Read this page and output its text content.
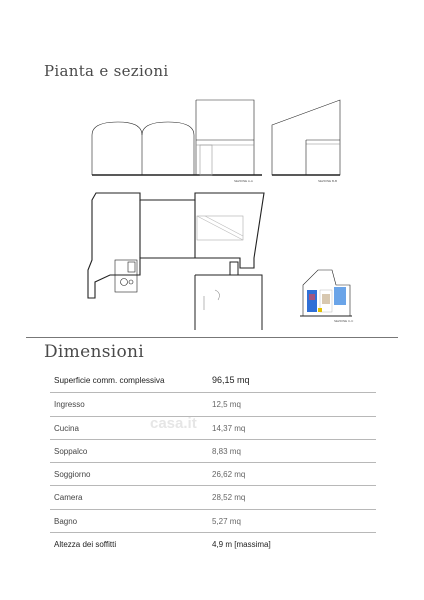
Pianta e sezioni
SEZIONE A-A	SEZIONE B-B
SEZIONE C-C
Dimensioni
Superficie comm. complessiva	96,15 mq
Ingresso	12,5 mq
Cucina	14,37 mq
Soppalco	8,83 mq
Soggiorno	26,62 mq
Camera	28,52 mq
Bagno	5,27 mq
Altezza dei soffitti	4,9 m [massima]
casa.it
